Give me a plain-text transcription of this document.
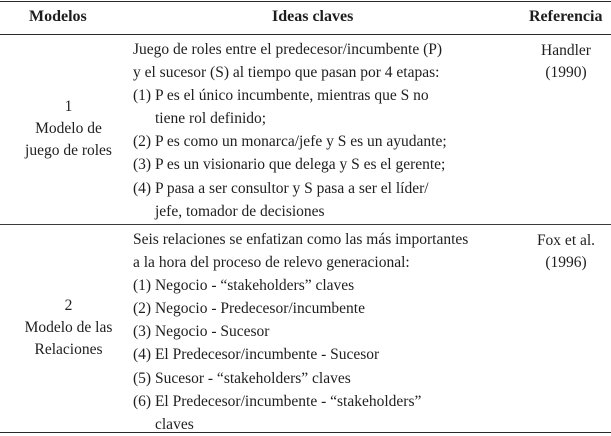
Modelos	Ideas claves	Referencia
1
Modelo de
juego de roles
Juego de roles entre el predecesor/incumbente (P)
y el sucesor (S) al tiempo que pasan por 4 etapas:
(1) P es el único incumbente, mientras que S no
tiene rol definido;
(2) P es como un monarca/jefe y S es un ayudante;
(3) P es un visionario que delega y S es el gerente;
(4) P pasa a ser consultor y S pasa a ser el líder/
jefe, tomador de decisiones
Handler
(1990)
2
Modelo de las
Relaciones
Seis relaciones se enfatizan como las más importantes
a la hora del proceso de relevo generacional:
(1) Negocio - “stakeholders” claves
(2) Negocio - Predecesor/incumbente
(3) Negocio - Sucesor
(4) El Predecesor/incumbente - Sucesor
(5) Sucesor - “stakeholders” claves
(6) El Predecesor/incumbente - “stakeholders”
claves
Fox et al.
(1996)
